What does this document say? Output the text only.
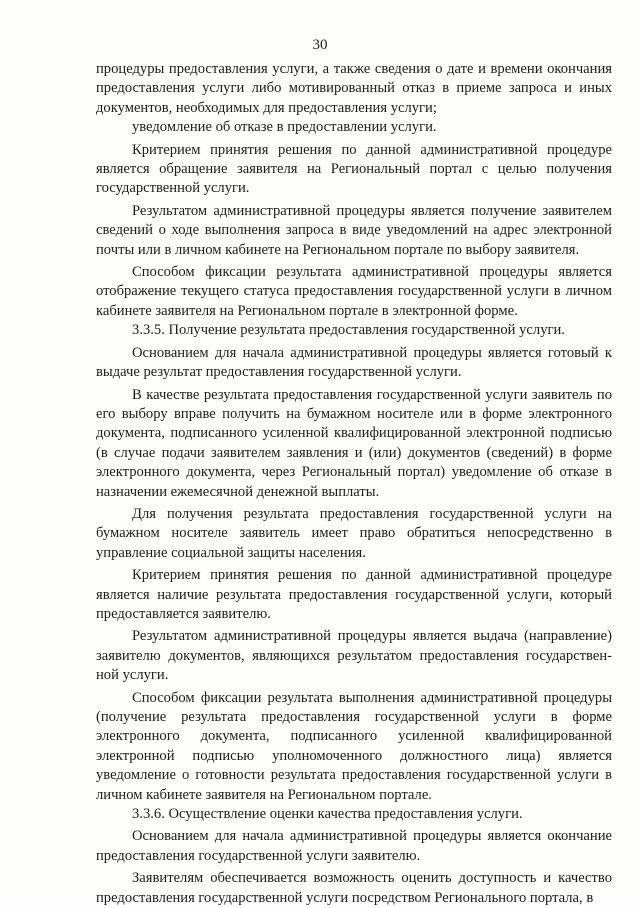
30

процедуры предоставления услуги, а также сведения о дате и времени окончания предоставления услуги либо мотивированный отказ в приеме запроса и иных документов, необходимых для предоставления услуги;

уведомление об отказе в предоставлении услуги.

Критерием принятия решения по данной административной процедуре является обращение заявителя на Региональный портал с целью получения государственной услуги.

Результатом административной процедуры является получение заявителем сведений о ходе выполнения запроса в виде уведомлений на адрес электронной почты или в личном кабинете на Региональном портале по выбору заявителя.

Способом фиксации результата административной процедуры является отображение текущего статуса предоставления государственной услуги в личном кабинете заявителя на Региональном портале в электронной форме.

3.3.5. Получение результата предоставления государственной услуги.

Основанием для начала административной процедуры является готовый к выдаче результат предоставления государственной услуги.

В качестве результата предоставления государственной услуги заявитель по его выбору вправе получить на бумажном носителе или в форме электронного документа, подписанного усиленной квалифицированной электронной подписью (в случае подачи заявителем заявления и (или) документов (сведений) в форме электронного документа, через Региональный портал) уведомление об отказе в назначении ежемесячной денежной выплаты.

Для получения результата предоставления государственной услуги на бумажном носителе заявитель имеет право обратиться непосредственно в управление социальной защиты населения.

Критерием принятия решения по данной административной процедуре является наличие результата предоставления государственной услуги, который предоставляется заявителю.

Результатом административной процедуры является выдача (направление) заявителю документов, являющихся результатом предоставления государствен-ной услуги.

Способом фиксации результата выполнения административной процедуры (получение результата предоставления государственной услуги в форме электронного документа, подписанного усиленной квалифицированной электронной подписью уполномоченного должностного лица) является уведомление о готовности результата предоставления государственной услуги в личном кабинете заявителя на Региональном портале.

3.3.6. Осуществление оценки качества предоставления услуги.

Основанием для начала административной процедуры является окончание предоставления государственной услуги заявителю.

Заявителям обеспечивается возможность оценить доступность и качество предоставления государственной услуги посредством Регионального портала, в
